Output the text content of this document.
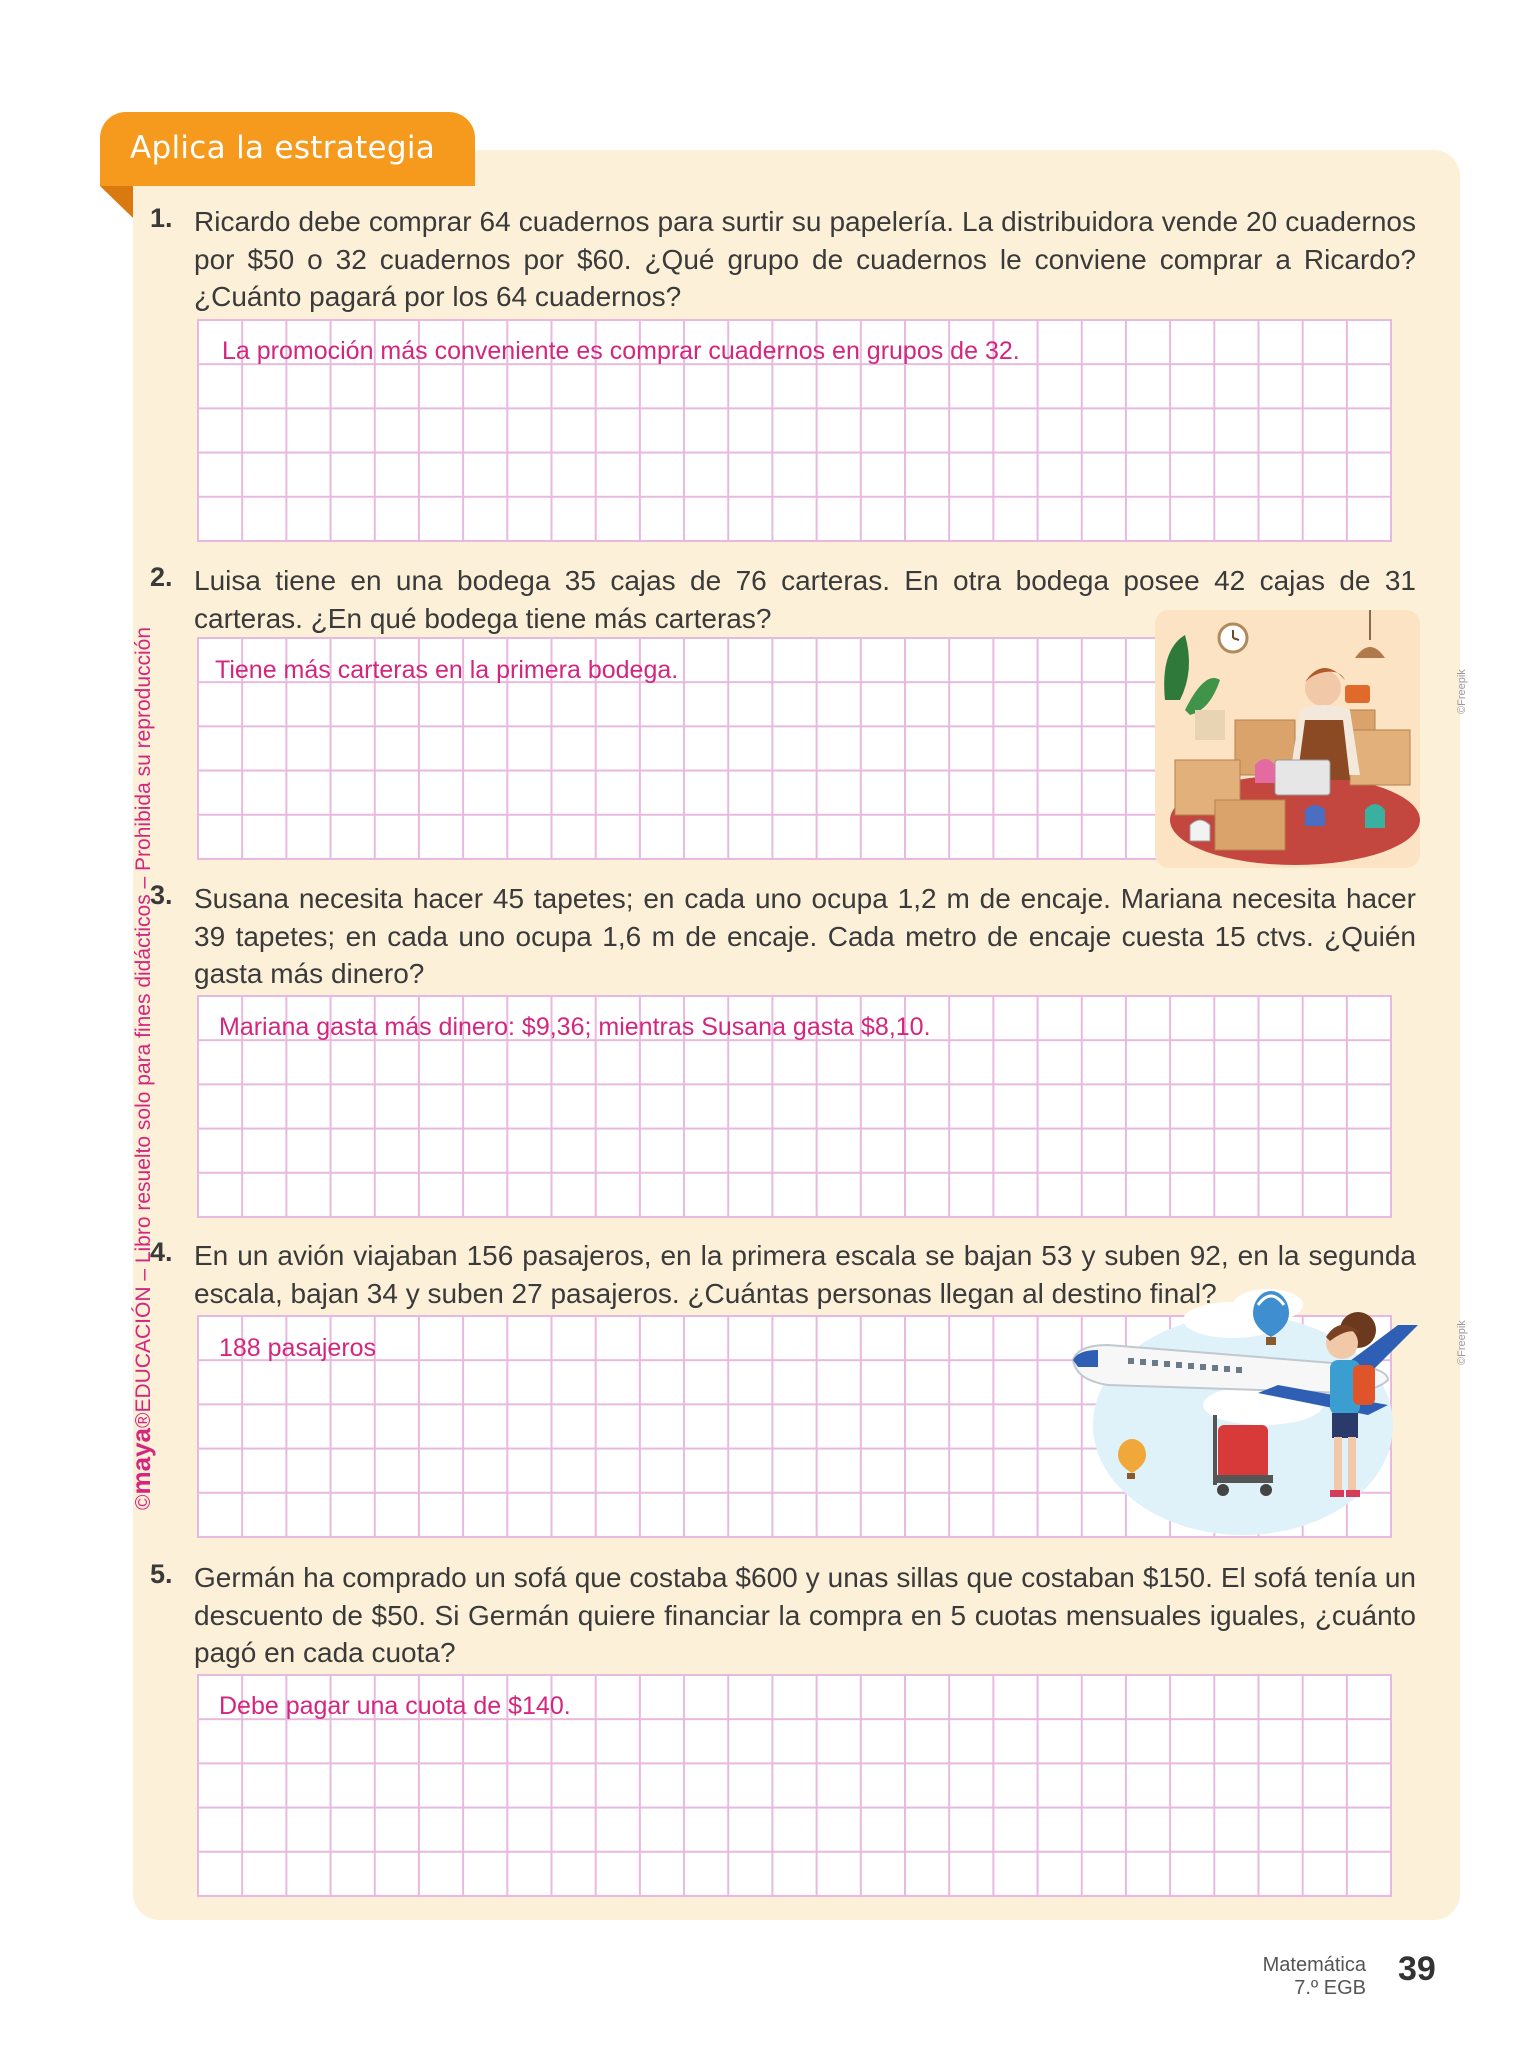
Aplica la estrategia
1. Ricardo debe comprar 64 cuadernos para surtir su papelería. La distribuidora vende 20 cuadernos por $50 o 32 cuadernos por $60. ¿Qué grupo de cuadernos le conviene comprar a Ricardo? ¿Cuánto pagará por los 64 cuadernos?
La promoción más conveniente es comprar cuadernos en grupos de 32.
2. Luisa tiene en una bodega 35 cajas de 76 carteras. En otra bodega posee 42 cajas de 31 carteras. ¿En qué bodega tiene más carteras?
Tiene más carteras en la primera bodega.	©Freepik
3. Susana necesita hacer 45 tapetes; en cada uno ocupa 1,2 m de encaje. Mariana necesita hacer 39 tapetes; en cada uno ocupa 1,6 m de encaje. Cada metro de encaje cuesta 15 ctvs. ¿Quién gasta más dinero?
Mariana gasta más dinero: $9,36; mientras Susana gasta $8,10.
4. En un avión viajaban 156 pasajeros, en la primera escala se bajan 53 y suben 92, en la segunda escala, bajan 34 y suben 27 pasajeros. ¿Cuántas personas llegan al destino final?
188 pasajeros	©Freepik
5. Germán ha comprado un sofá que costaba $600 y unas sillas que costaban $150. El sofá tenía un descuento de $50. Si Germán quiere financiar la compra en 5 cuotas mensuales iguales, ¿cuánto pagó en cada cuota?
Debe pagar una cuota de $140.
©maya®EDUCACIÓN – Libro resuelto solo para fines didácticos – Prohibida su reproducción
Matemática
7.º EGB 39
